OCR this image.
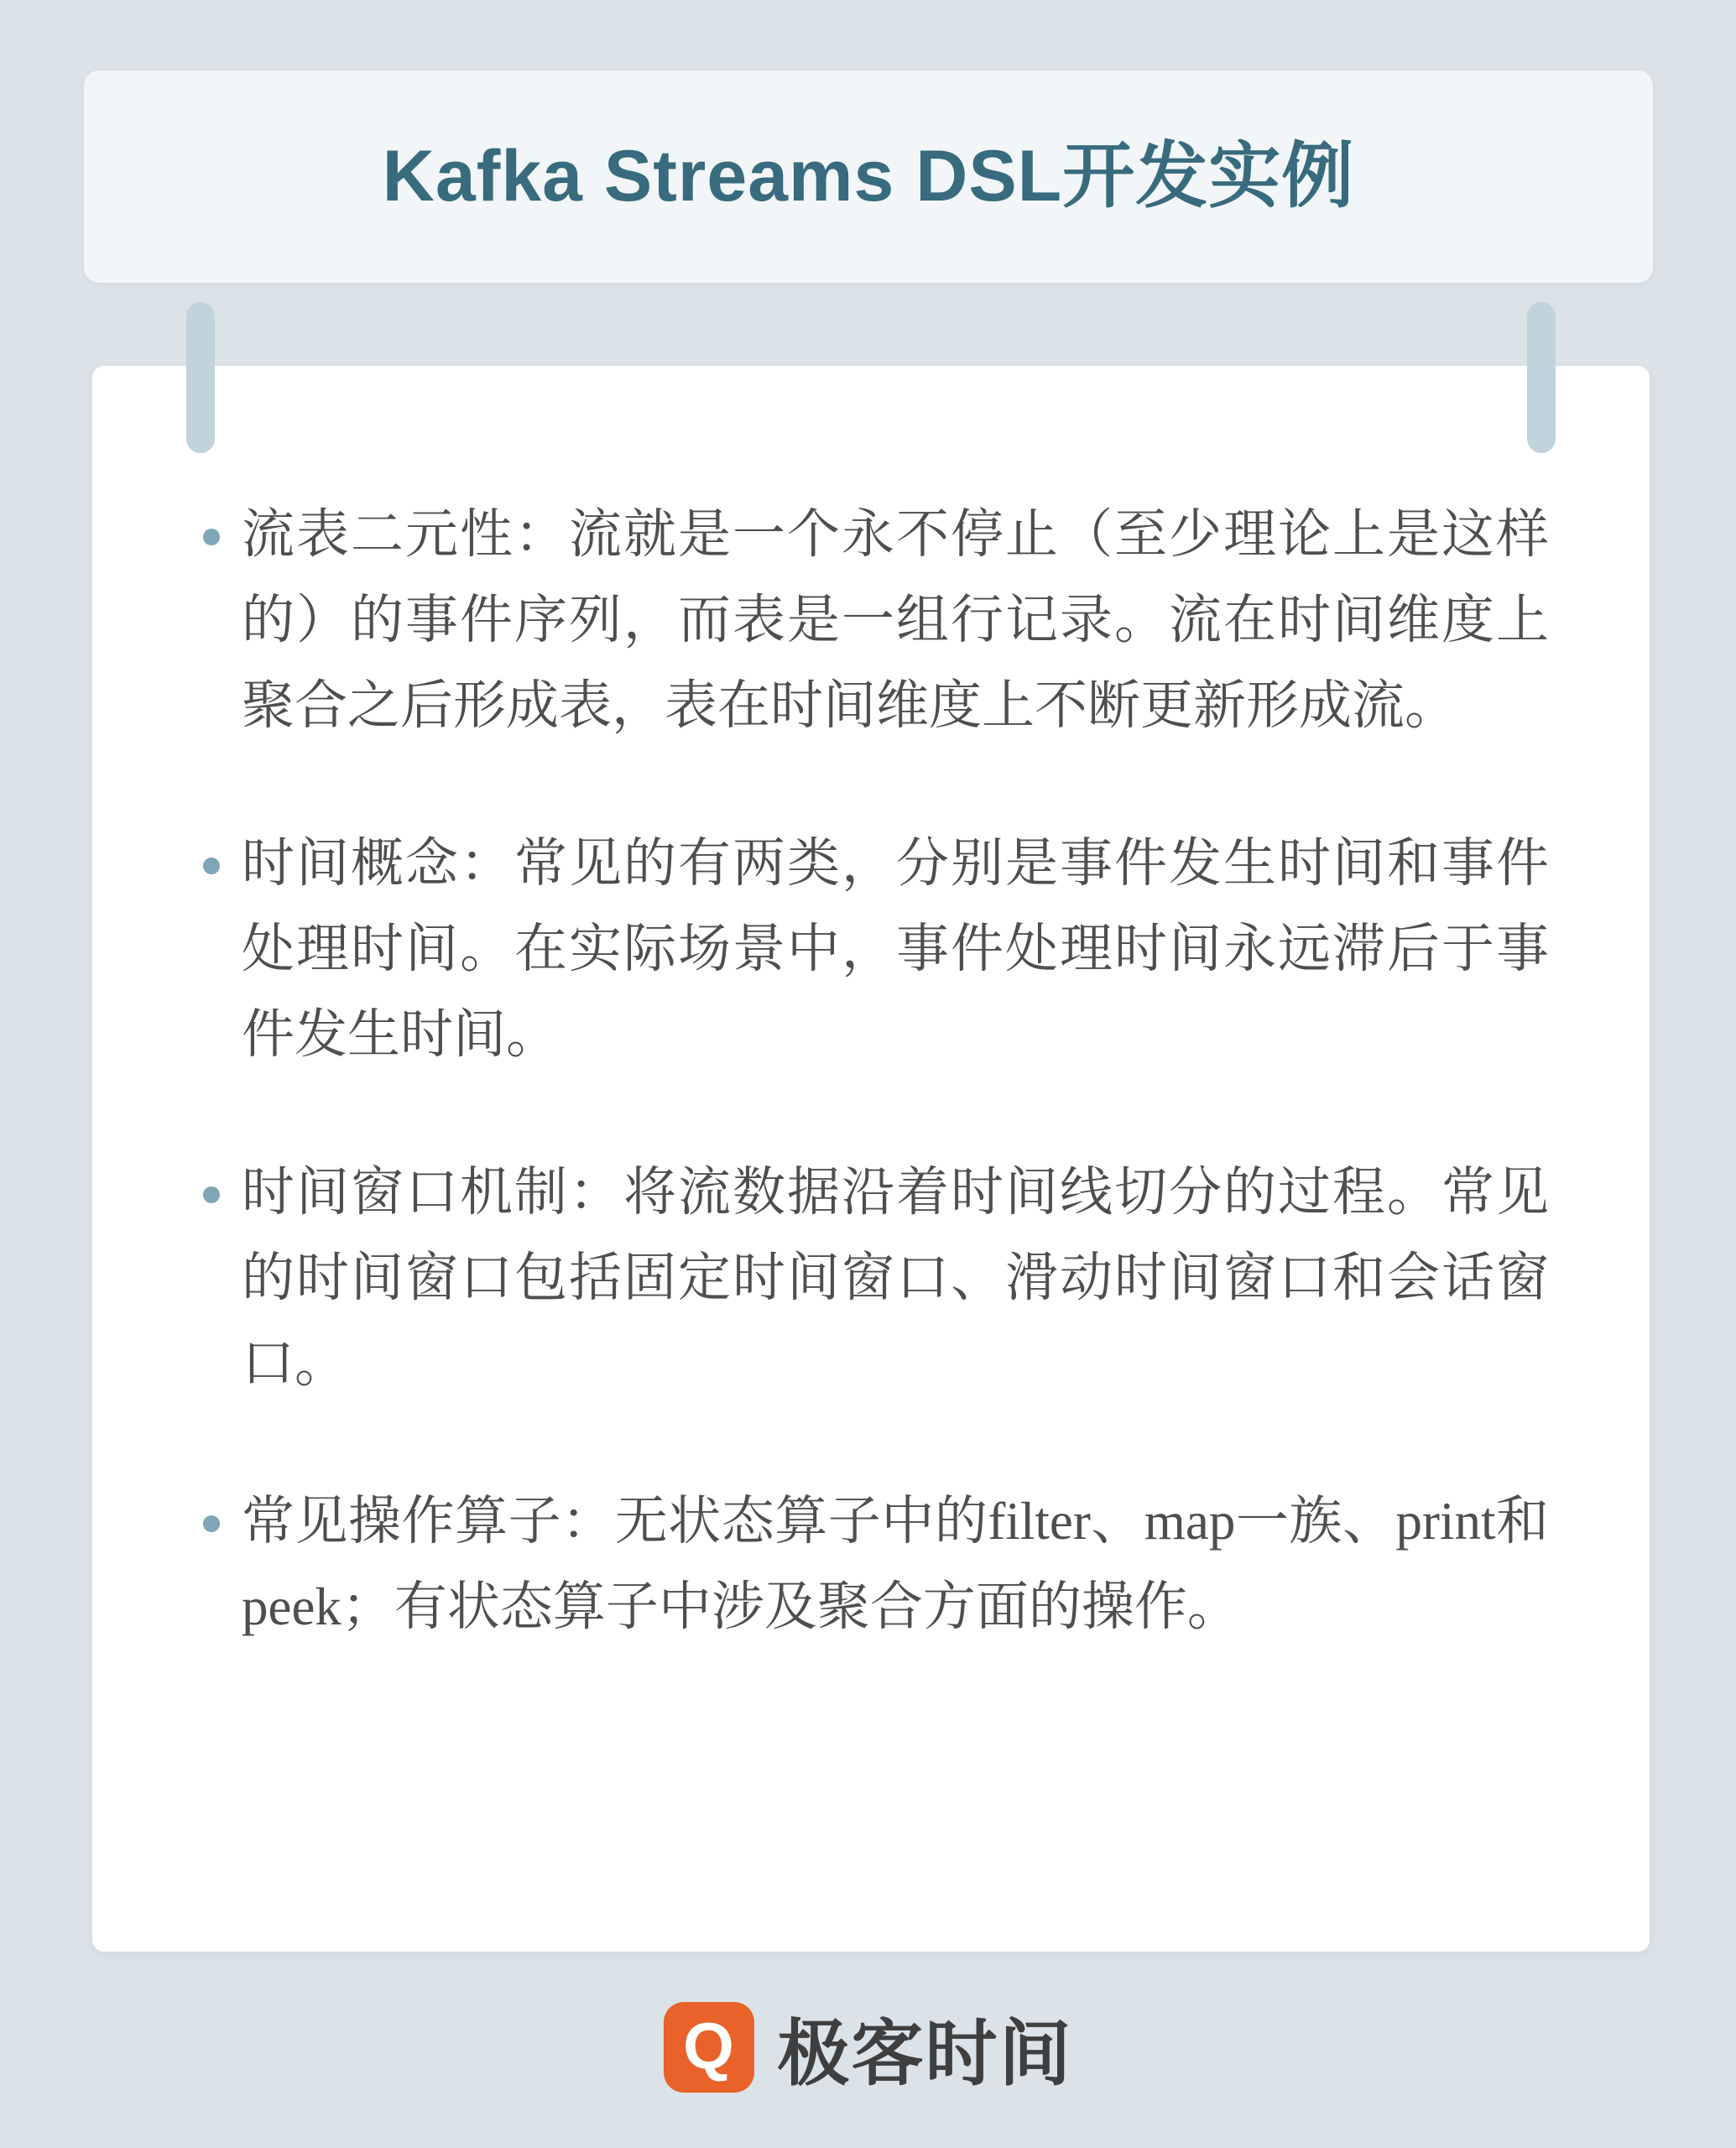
Kafka Streams DSL开发实例
流表二元性：流就是一个永不停止（至少理论上是这样的）的事件序列，而表是一组行记录。流在时间维度上聚合之后形成表，表在时间维度上不断更新形成流。
时间概念：常见的有两类，分别是事件发生时间和事件处理时间。在实际场景中，事件处理时间永远滞后于事件发生时间。
时间窗口机制：将流数据沿着时间线切分的过程。常见的时间窗口包括固定时间窗口、滑动时间窗口和会话窗口。
常见操作算子：无状态算子中的filter、map一族、print和peek；有状态算子中涉及聚合方面的操作。
Q 极客时间
